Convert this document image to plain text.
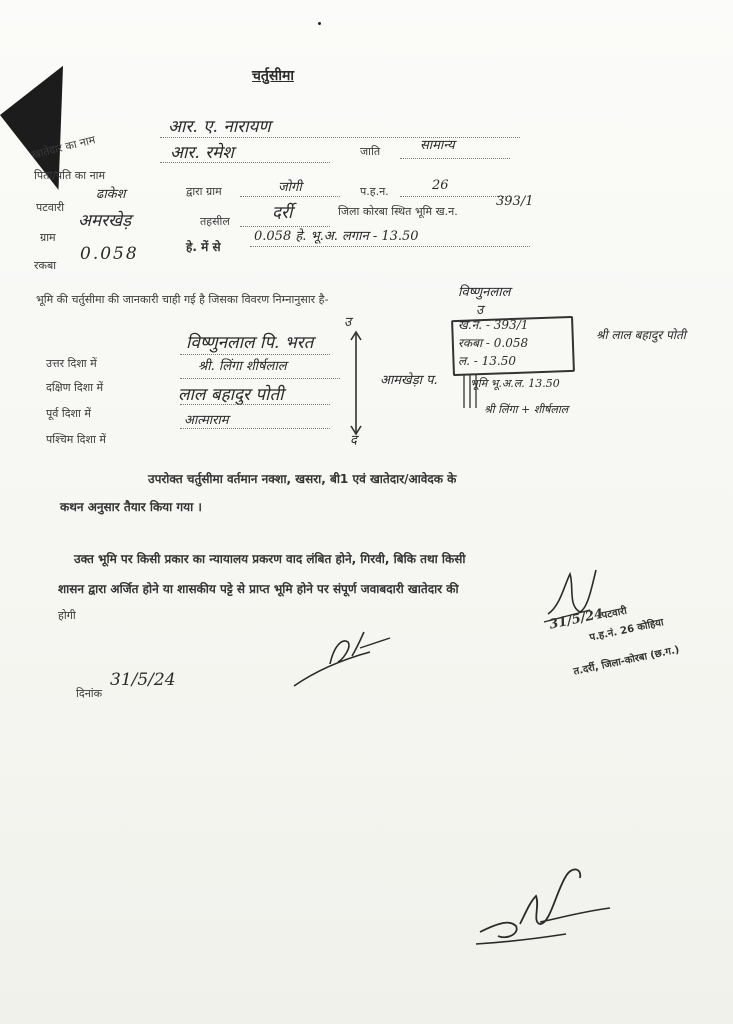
चर्तुसीमा
खातेदार का नाम
आर. ए. नारायण
पिता/पति का नाम
आर. रमेश	जाति	सामान्य
पटवारी
ढाकेश	द्वारा ग्राम	जोगी	प.ह.न.	26
ग्राम
अमरखेड़	तहसील दर्री	जिला कोरबा स्थित भूमि ख.न.
393/1
रकबा
0.058	हे. में से
0.058 हे. भू.अ. लगान - 13.50
भूमि की चर्तुसीमा की जानकारी चाही गई है जिसका विवरण निम्नानुसार है-	विष्णुनलाल
उ
उत्तर दिशा में
विष्णुनलाल पि. भरत
दक्षिण दिशा में
श्री. लिंगा शीर्षलाल
पूर्व दिशा में
लाल बहादुर पोती
पश्चिम दिशा में
आत्माराम
उ
द
आमखेड़ा प.
ख.न. - 393/1
रकबा - 0.058
ल. - 13.50
श्री लाल बहादुर पोती
भूमि भू.अ.ल. 13.50
श्री लिंगा + शीर्षलाल
उपरोक्त चर्तुसीमा वर्तमान नक्शा, खसरा, बी1 एवं खातेदार/आवेदक के
कथन अनुसार तैयार किया गया ।
उक्त भूमि पर किसी प्रकार का न्यायालय प्रकरण वाद लंबित होने, गिरवी, बिकि तथा किसी
शासन द्वारा अर्जित होने या शासकीय पट्टे से प्राप्त भूमि होने पर संपूर्ण जवाबदारी खातेदार की
होगी
दिनांक
31/5/24
31/5/24
पटवारी
प.ह.नं. 26 कोहिया
त.दर्री, जिला-कोरबा (छ.ग.)
